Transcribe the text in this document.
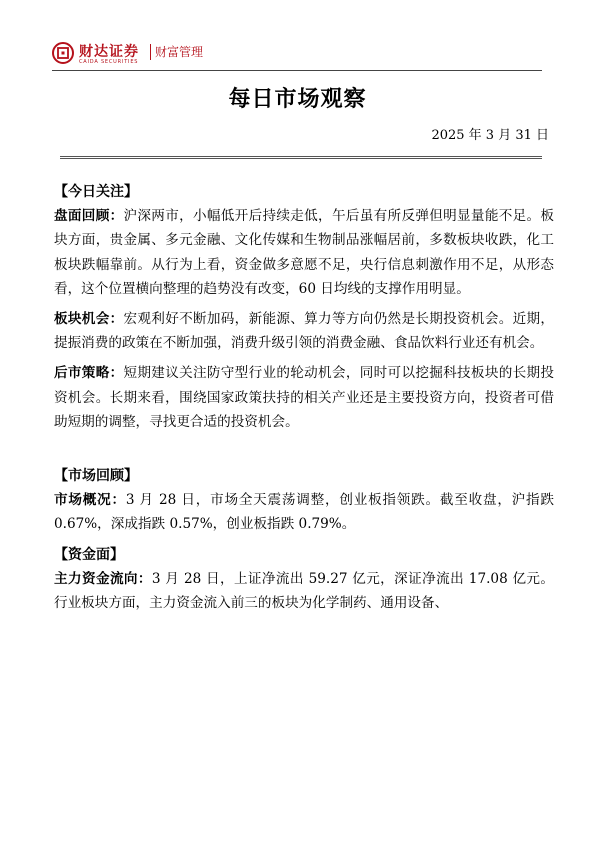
财达证券
CAIDA SECURITIES
财富管理
每日市场观察
2025 年 3 月 31 日
【今日关注】

盘面回顾：沪深两市，小幅低开后持续走低，午后虽有所反弹但明显量能不足。板块方面，贵金属、多元金融、文化传媒和生物制品涨幅居前，多数板块收跌，化工板块跌幅靠前。从行为上看，资金做多意愿不足，央行信息刺激作用不足，从形态看，这个位置横向整理的趋势没有改变，60 日均线的支撑作用明显。

板块机会：宏观利好不断加码，新能源、算力等方向仍然是长期投资机会。近期，提振消费的政策在不断加强，消费升级引领的消费金融、食品饮料行业还有机会。

后市策略：短期建议关注防守型行业的轮动机会，同时可以挖掘科技板块的长期投资机会。长期来看，围绕国家政策扶持的相关产业还是主要投资方向，投资者可借助短期的调整，寻找更合适的投资机会。

【市场回顾】

市场概况：3 月 28 日，市场全天震荡调整，创业板指领跌。截至收盘，沪指跌 0.67%，深成指跌 0.57%，创业板指跌 0.79%。

【资金面】

主力资金流向：3 月 28 日，上证净流出 59.27 亿元，深证净流出 17.08 亿元。行业板块方面，主力资金流入前三的板块为化学制药、通用设备、
